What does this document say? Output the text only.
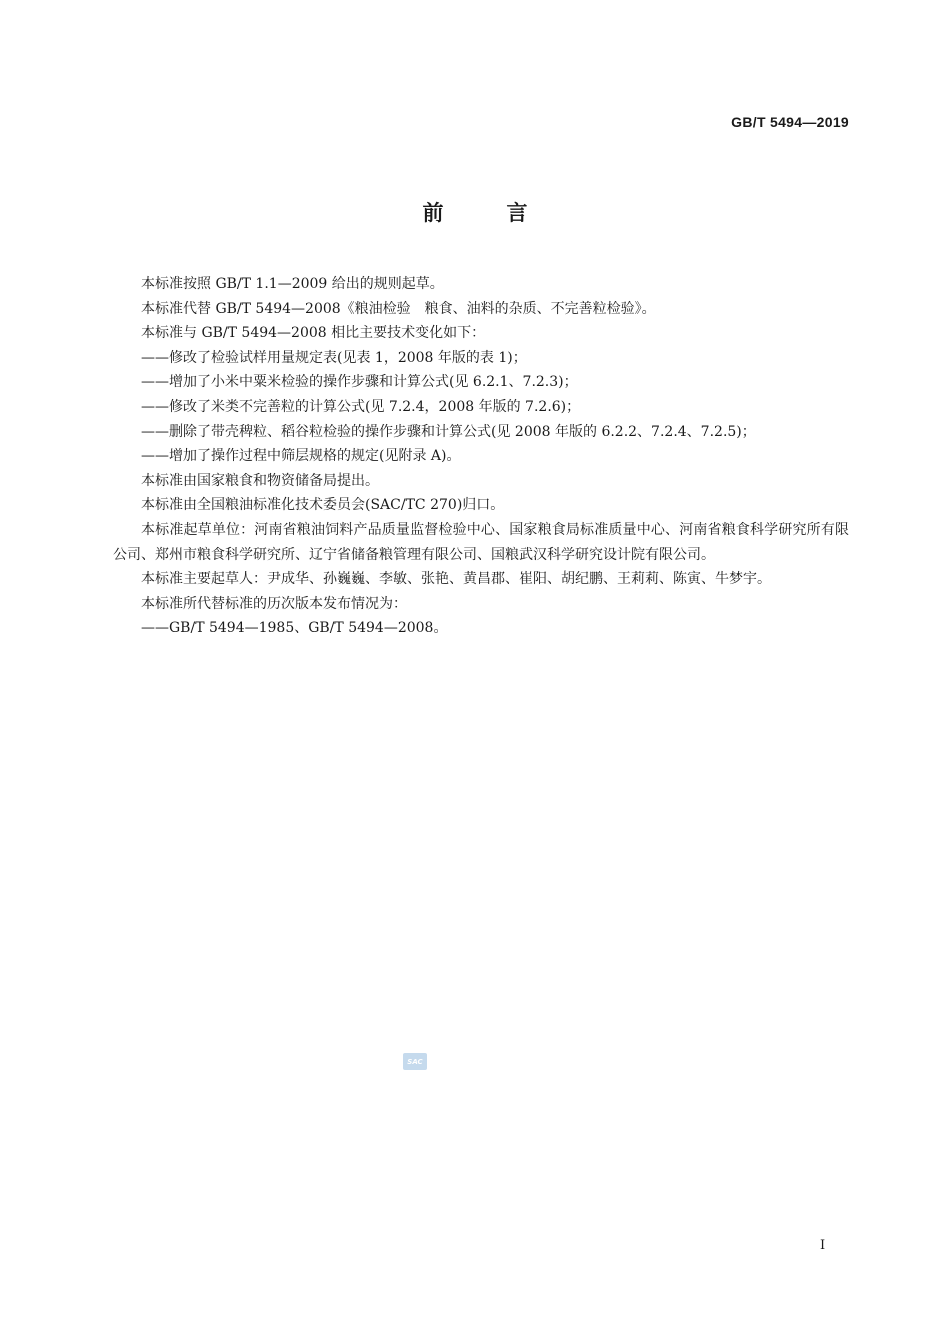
GB/T 5494—2019
前言

本标准按照 GB/T 1.1—2009 给出的规则起草。

本标准代替 GB/T 5494—2008《粮油检验　粮食、油料的杂质、不完善粒检验》。

本标准与 GB/T 5494—2008 相比主要技术变化如下：

——修改了检验试样用量规定表(见表 1，2008 年版的表 1)；

——增加了小米中粟米检验的操作步骤和计算公式(见 6.2.1、7.2.3)；

——修改了米类不完善粒的计算公式(见 7.2.4，2008 年版的 7.2.6)；

——删除了带壳稗粒、稻谷粒检验的操作步骤和计算公式(见 2008 年版的 6.2.2、7.2.4、7.2.5)；

——增加了操作过程中筛层规格的规定(见附录 A)。

本标准由国家粮食和物资储备局提出。

本标准由全国粮油标准化技术委员会(SAC/TC 270)归口。

本标准起草单位：河南省粮油饲料产品质量监督检验中心、国家粮食局标准质量中心、河南省粮食科学研究所有限公司、郑州市粮食科学研究所、辽宁省储备粮管理有限公司、国粮武汉科学研究设计院有限公司。

本标准主要起草人：尹成华、孙巍巍、李敏、张艳、黄昌郡、崔阳、胡纪鹏、王莉莉、陈寅、牛梦宇。

本标准所代替标准的历次版本发布情况为：

——GB/T 5494—1985、GB/T 5494—2008。

SAC
I
